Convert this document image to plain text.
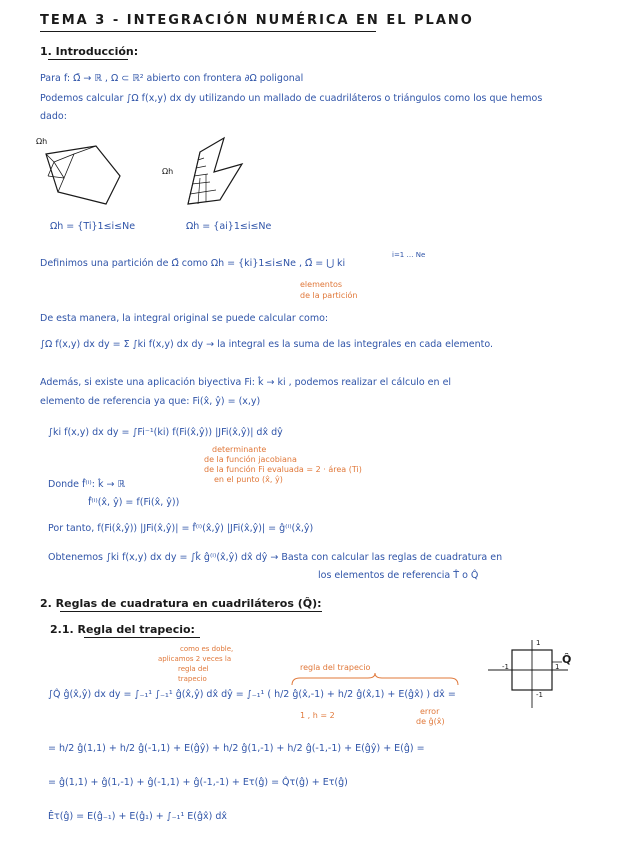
TEMA 3 - INTEGRACIÓN NUMÉRICA EN EL PLANO
1. Introducción:
Para f: Ω̄ → ℝ , Ω ⊂ ℝ² abierto con frontera ∂Ω poligonal
Podemos calcular ∫Ω f(x,y) dx dy utilizando un mallado de cuadriláteros o triángulos como los que hemos
dado:
Ωh
Ωh
Ωh = {Ti}1≤i≤Ne	Ωh = {ai}1≤i≤Ne
Definimos una partición de Ω̄ como Ωh = {ki}1≤i≤Ne , Ω̄ = ⋃ ki
i=1 … Ne
elementos
de la partición
De esta manera, la integral original se puede calcular como:
∫Ω f(x,y) dx dy = Σ ∫ki f(x,y) dx dy → la integral es la suma de las integrales en cada elemento.
Además, si existe una aplicación biyectiva Fi: k̂ → ki , podemos realizar el cálculo en el
elemento de referencia ya que: Fi(x̂, ŷ) = (x,y)
∫ki f(x,y) dx dy = ∫Fi⁻¹(ki) f(Fi(x̂,ŷ)) |JFi(x̂,ŷ)| dx̂ dŷ
determinante
de la función jacobiana
de la función Fi evaluada = 2 · área (Ti)
en el punto (x̂, ŷ)
Donde f̂⁽ⁱ⁾: k̂ → ℝ
f̂⁽ⁱ⁾(x̂, ŷ) = f(Fi(x̂, ŷ))
Por tanto, f(Fi(x̂,ŷ)) |JFi(x̂,ŷ)| = f̂⁽ⁱ⁾(x̂,ŷ) |JFi(x̂,ŷ)| = ĝ⁽ⁱ⁾(x̂,ŷ)
Obtenemos ∫ki f(x,y) dx dy = ∫k̂ ĝ⁽ⁱ⁾(x̂,ŷ) dx̂ dŷ → Basta con calcular las reglas de cuadratura en
los elementos de referencia T̂ o Q̂
2. Reglas de cuadratura en cuadriláteros (Q̂):
2.1. Regla del trapecio:
como es doble,
aplicamos 2 veces la
regla del
trapecio
regla del trapecio
Q̂
1
-1	1
-1
∫Q̂ ĝ(x̂,ŷ) dx dy = ∫₋₁¹ ∫₋₁¹ ĝ(x̂,ŷ) dx̂ dŷ = ∫₋₁¹ ( h/2 ĝ(x̂,-1) + h/2 ĝ(x̂,1) + E(ĝx̂) ) dx̂ =
1 , h = 2	error
de ĝ(x̂)
= h/2 ĝ(1,1) + h/2 ĝ(-1,1) + E(ĝŷ) + h/2 ĝ(1,-1) + h/2 ĝ(-1,-1) + E(ĝŷ) + E(ĝ) =
= ĝ(1,1) + ĝ(1,-1) + ĝ(-1,1) + ĝ(-1,-1) + Eτ(ĝ) = Q̂τ(ĝ) + Eτ(ĝ)
Êτ(ĝ) = E(ĝ₋₁) + E(ĝ₁) + ∫₋₁¹ E(ĝx̂) dx̂
